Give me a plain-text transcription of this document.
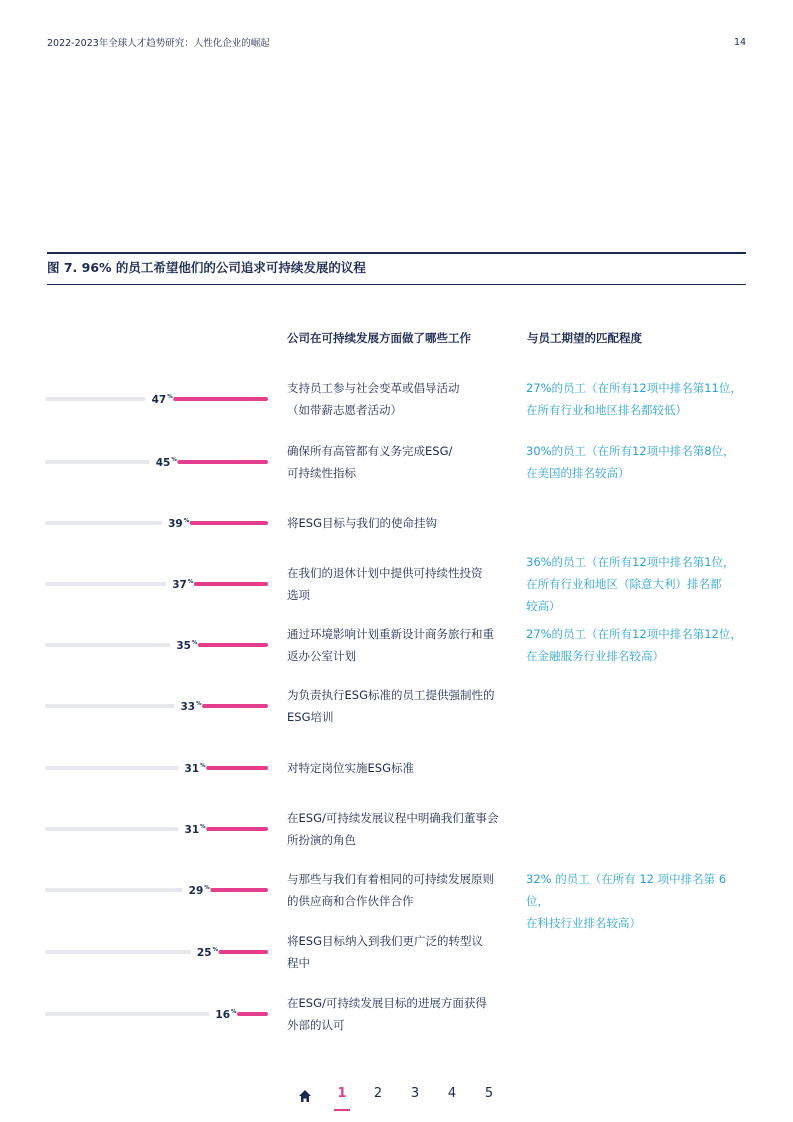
2022-2023年全球人才趋势研究：人性化企业的崛起	14
图 7. 96% 的员工希望他们的公司追求可持续发展的议程
公司在可持续发展方面做了哪些工作	与员工期望的匹配程度
47 %
45 %
39 %
37 %
35 %
33 %
31 %
31 %
29 %
25 %
16 %
支持员工参与社会变革或倡导活动
（如带薪志愿者活动）
27%的员工（在所有12项中排名第11位，
在所有行业和地区排名都较低）
确保所有高管都有义务完成ESG/
可持续性指标
30%的员工（在所有12项中排名第8位，
在美国的排名较高）
将ESG目标与我们的使命挂钩
在我们的退休计划中提供可持续性投资
选项
36%的员工（在所有12项中排名第1位，
在所有行业和地区（除意大利）排名都
较高）
通过环境影响计划重新设计商务旅行和重
返办公室计划
27%的员工（在所有12项中排名第12位，
在金融服务行业排名较高）
为负责执行ESG标准的员工提供强制性的
ESG培训
对特定岗位实施ESG标准
在ESG/可持续发展议程中明确我们董事会
所扮演的角色
与那些与我们有着相同的可持续发展原则
的供应商和合作伙伴合作
32% 的员工（在所有 12 项中排名第 6 位，
在科技行业排名较高）
将ESG目标纳入到我们更广泛的转型议
程中
在ESG/可持续发展目标的进展方面获得
外部的认可
1 2 3 4 5
